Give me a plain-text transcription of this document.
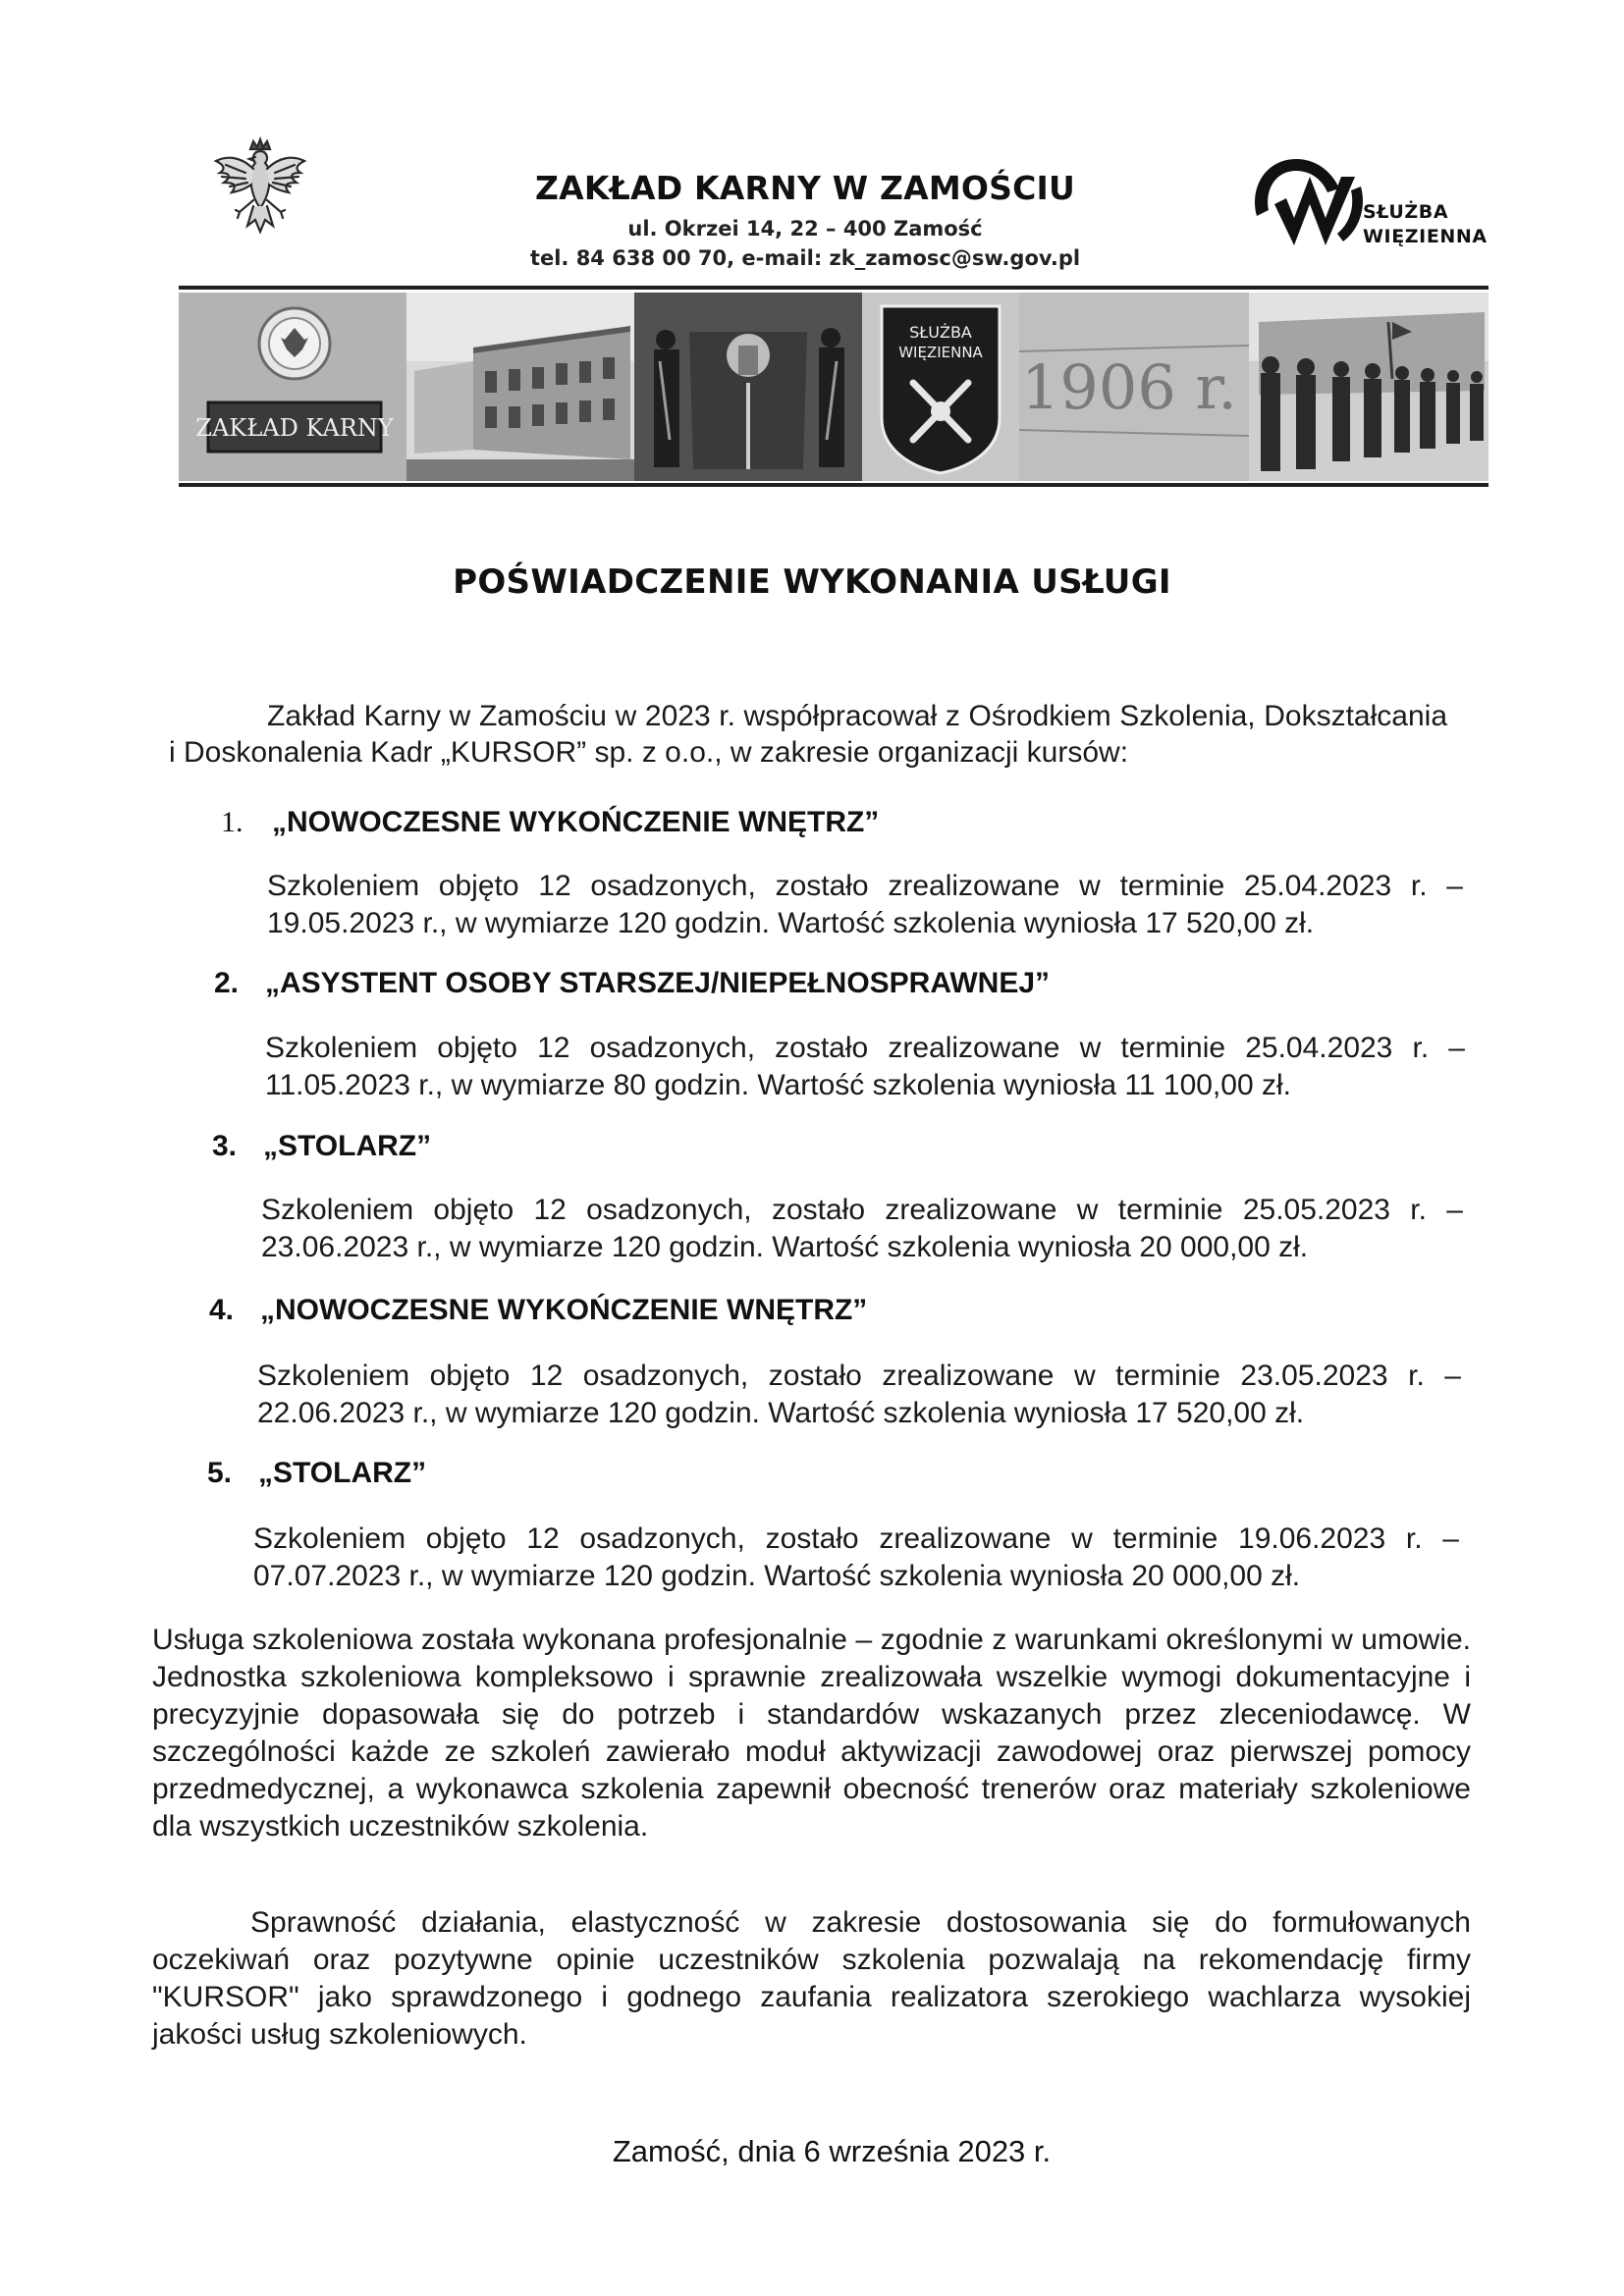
ZAKŁAD KARNY W ZAMOŚCIU
ul. Okrzei 14, 22 – 400 Zamość
tel. 84 638 00 70, e-mail: zk_zamosc@sw.gov.pl
SŁUŻBA
WIĘZIENNA
ZAKŁAD KARNY
SŁUŻBA
WIĘZIENNA 1906 r.
POŚWIADCZENIE WYKONANIA USŁUGI
Zakład Karny w Zamościu w 2023 r. współpracował z Ośrodkiem Szkolenia, Dokształcania i Doskonalenia Kadr „KURSOR” sp. z o.o., w zakresie organizacji kursów:
1. „NOWOCZESNE WYKOŃCZENIE WNĘTRZ”
Szkoleniem objęto 12 osadzonych, zostało zrealizowane w terminie 25.04.2023 r. – 19.05.2023 r., w wymiarze 120 godzin. Wartość szkolenia wyniosła 17 520,00 zł.
2. „ASYSTENT OSOBY STARSZEJ/NIEPEŁNOSPRAWNEJ”
Szkoleniem objęto 12 osadzonych, zostało zrealizowane w terminie 25.04.2023 r. – 11.05.2023 r., w wymiarze 80 godzin. Wartość szkolenia wyniosła 11 100,00 zł.
3. „STOLARZ”
Szkoleniem objęto 12 osadzonych, zostało zrealizowane w terminie 25.05.2023 r. – 23.06.2023 r., w wymiarze 120 godzin. Wartość szkolenia wyniosła 20 000,00 zł.
4. „NOWOCZESNE WYKOŃCZENIE WNĘTRZ”
Szkoleniem objęto 12 osadzonych, zostało zrealizowane w terminie 23.05.2023 r. – 22.06.2023 r., w wymiarze 120 godzin. Wartość szkolenia wyniosła 17 520,00 zł.
5. „STOLARZ”
Szkoleniem objęto 12 osadzonych, zostało zrealizowane w terminie 19.06.2023 r. – 07.07.2023 r., w wymiarze 120 godzin. Wartość szkolenia wyniosła 20 000,00 zł.
Usługa szkoleniowa została wykonana profesjonalnie – zgodnie z warunkami określonymi w umowie. Jednostka szkoleniowa kompleksowo i sprawnie zrealizowała wszelkie wymogi dokumentacyjne i precyzyjnie dopasowała się do potrzeb i standardów wskazanych przez zleceniodawcę. W szczególności każde ze szkoleń zawierało moduł aktywizacji zawodowej oraz pierwszej pomocy przedmedycznej, a wykonawca szkolenia zapewnił obecność trenerów oraz materiały szkoleniowe dla wszystkich uczestników szkolenia.
Sprawność działania, elastyczność w zakresie dostosowania się do formułowanych oczekiwań oraz pozytywne opinie uczestników szkolenia pozwalają na rekomendację firmy "KURSOR" jako sprawdzonego i godnego zaufania realizatora szerokiego wachlarza wysokiej jakości usług szkoleniowych.
Zamość, dnia 6 września 2023 r.
